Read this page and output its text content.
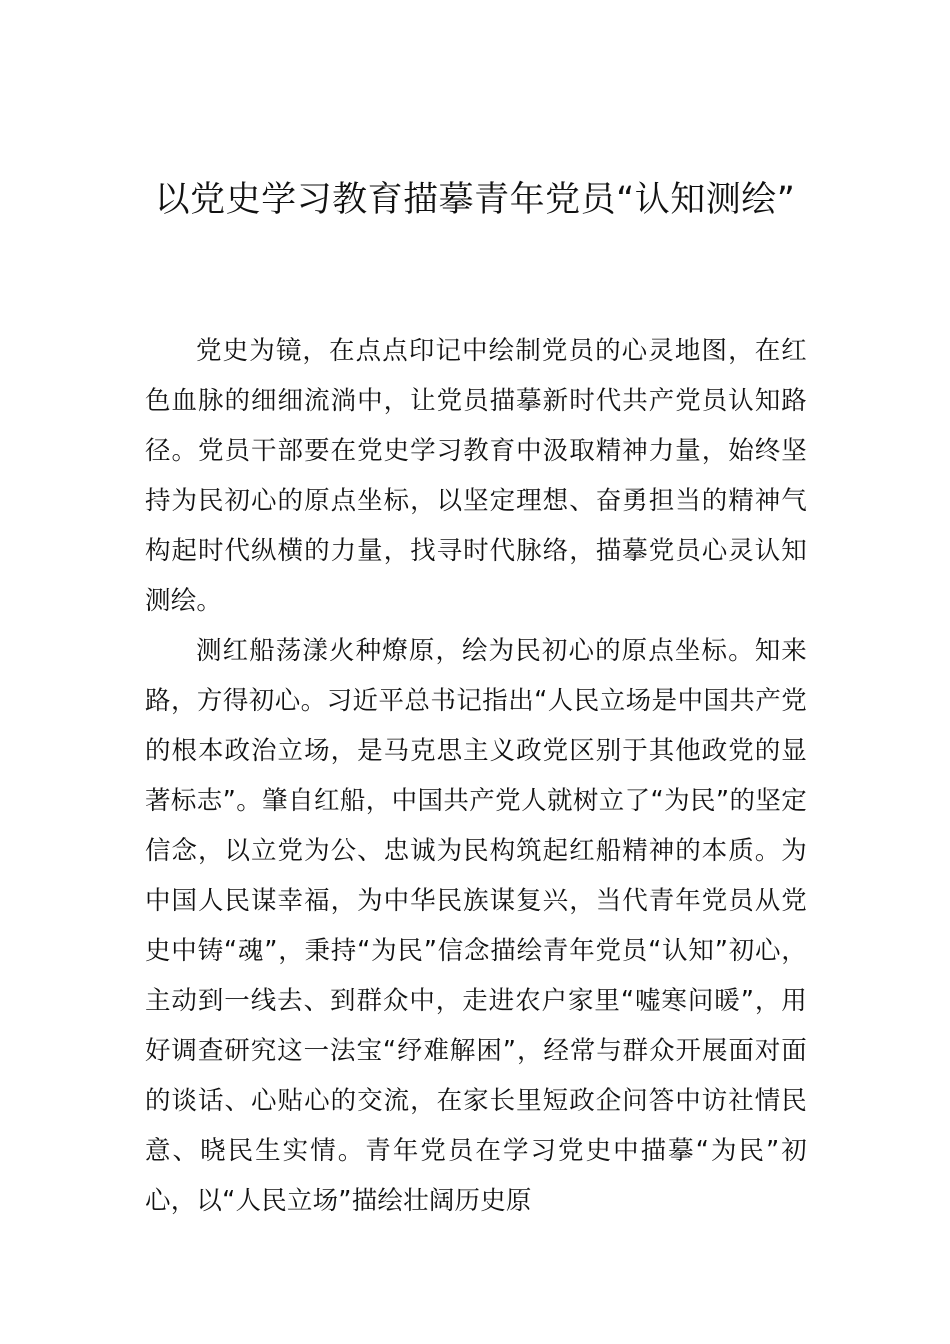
以党史学习教育描摹青年党员“认知测绘”

党史为镜，在点点印记中绘制党员的心灵地图，在红色血脉的细细流淌中，让党员描摹新时代共产党员认知路径。党员干部要在党史学习教育中汲取精神力量，始终坚持为民初心的原点坐标，以坚定理想、奋勇担当的精神气构起时代纵横的力量，找寻时代脉络，描摹党员心灵认知测绘。

测红船荡漾火种燎原，绘为民初心的原点坐标。知来路，方得初心。习近平总书记指出“人民立场是中国共产党的根本政治立场，是马克思主义政党区别于其他政党的显著标志”。肇自红船，中国共产党人就树立了“为民”的坚定信念，以立党为公、忠诚为民构筑起红船精神的本质。为中国人民谋幸福，为中华民族谋复兴，当代青年党员从党史中铸“魂”，秉持“为民”信念描绘青年党员“认知”初心，主动到一线去、到群众中，走进农户家里“嘘寒问暖”，用好调查研究这一法宝“纾难解困”，经常与群众开展面对面的谈话、心贴心的交流，在家长里短政企问答中访社情民意、晓民生实情。青年党员在学习党史中描摹“为民”初心，以“人民立场”描绘壮阔历史原
